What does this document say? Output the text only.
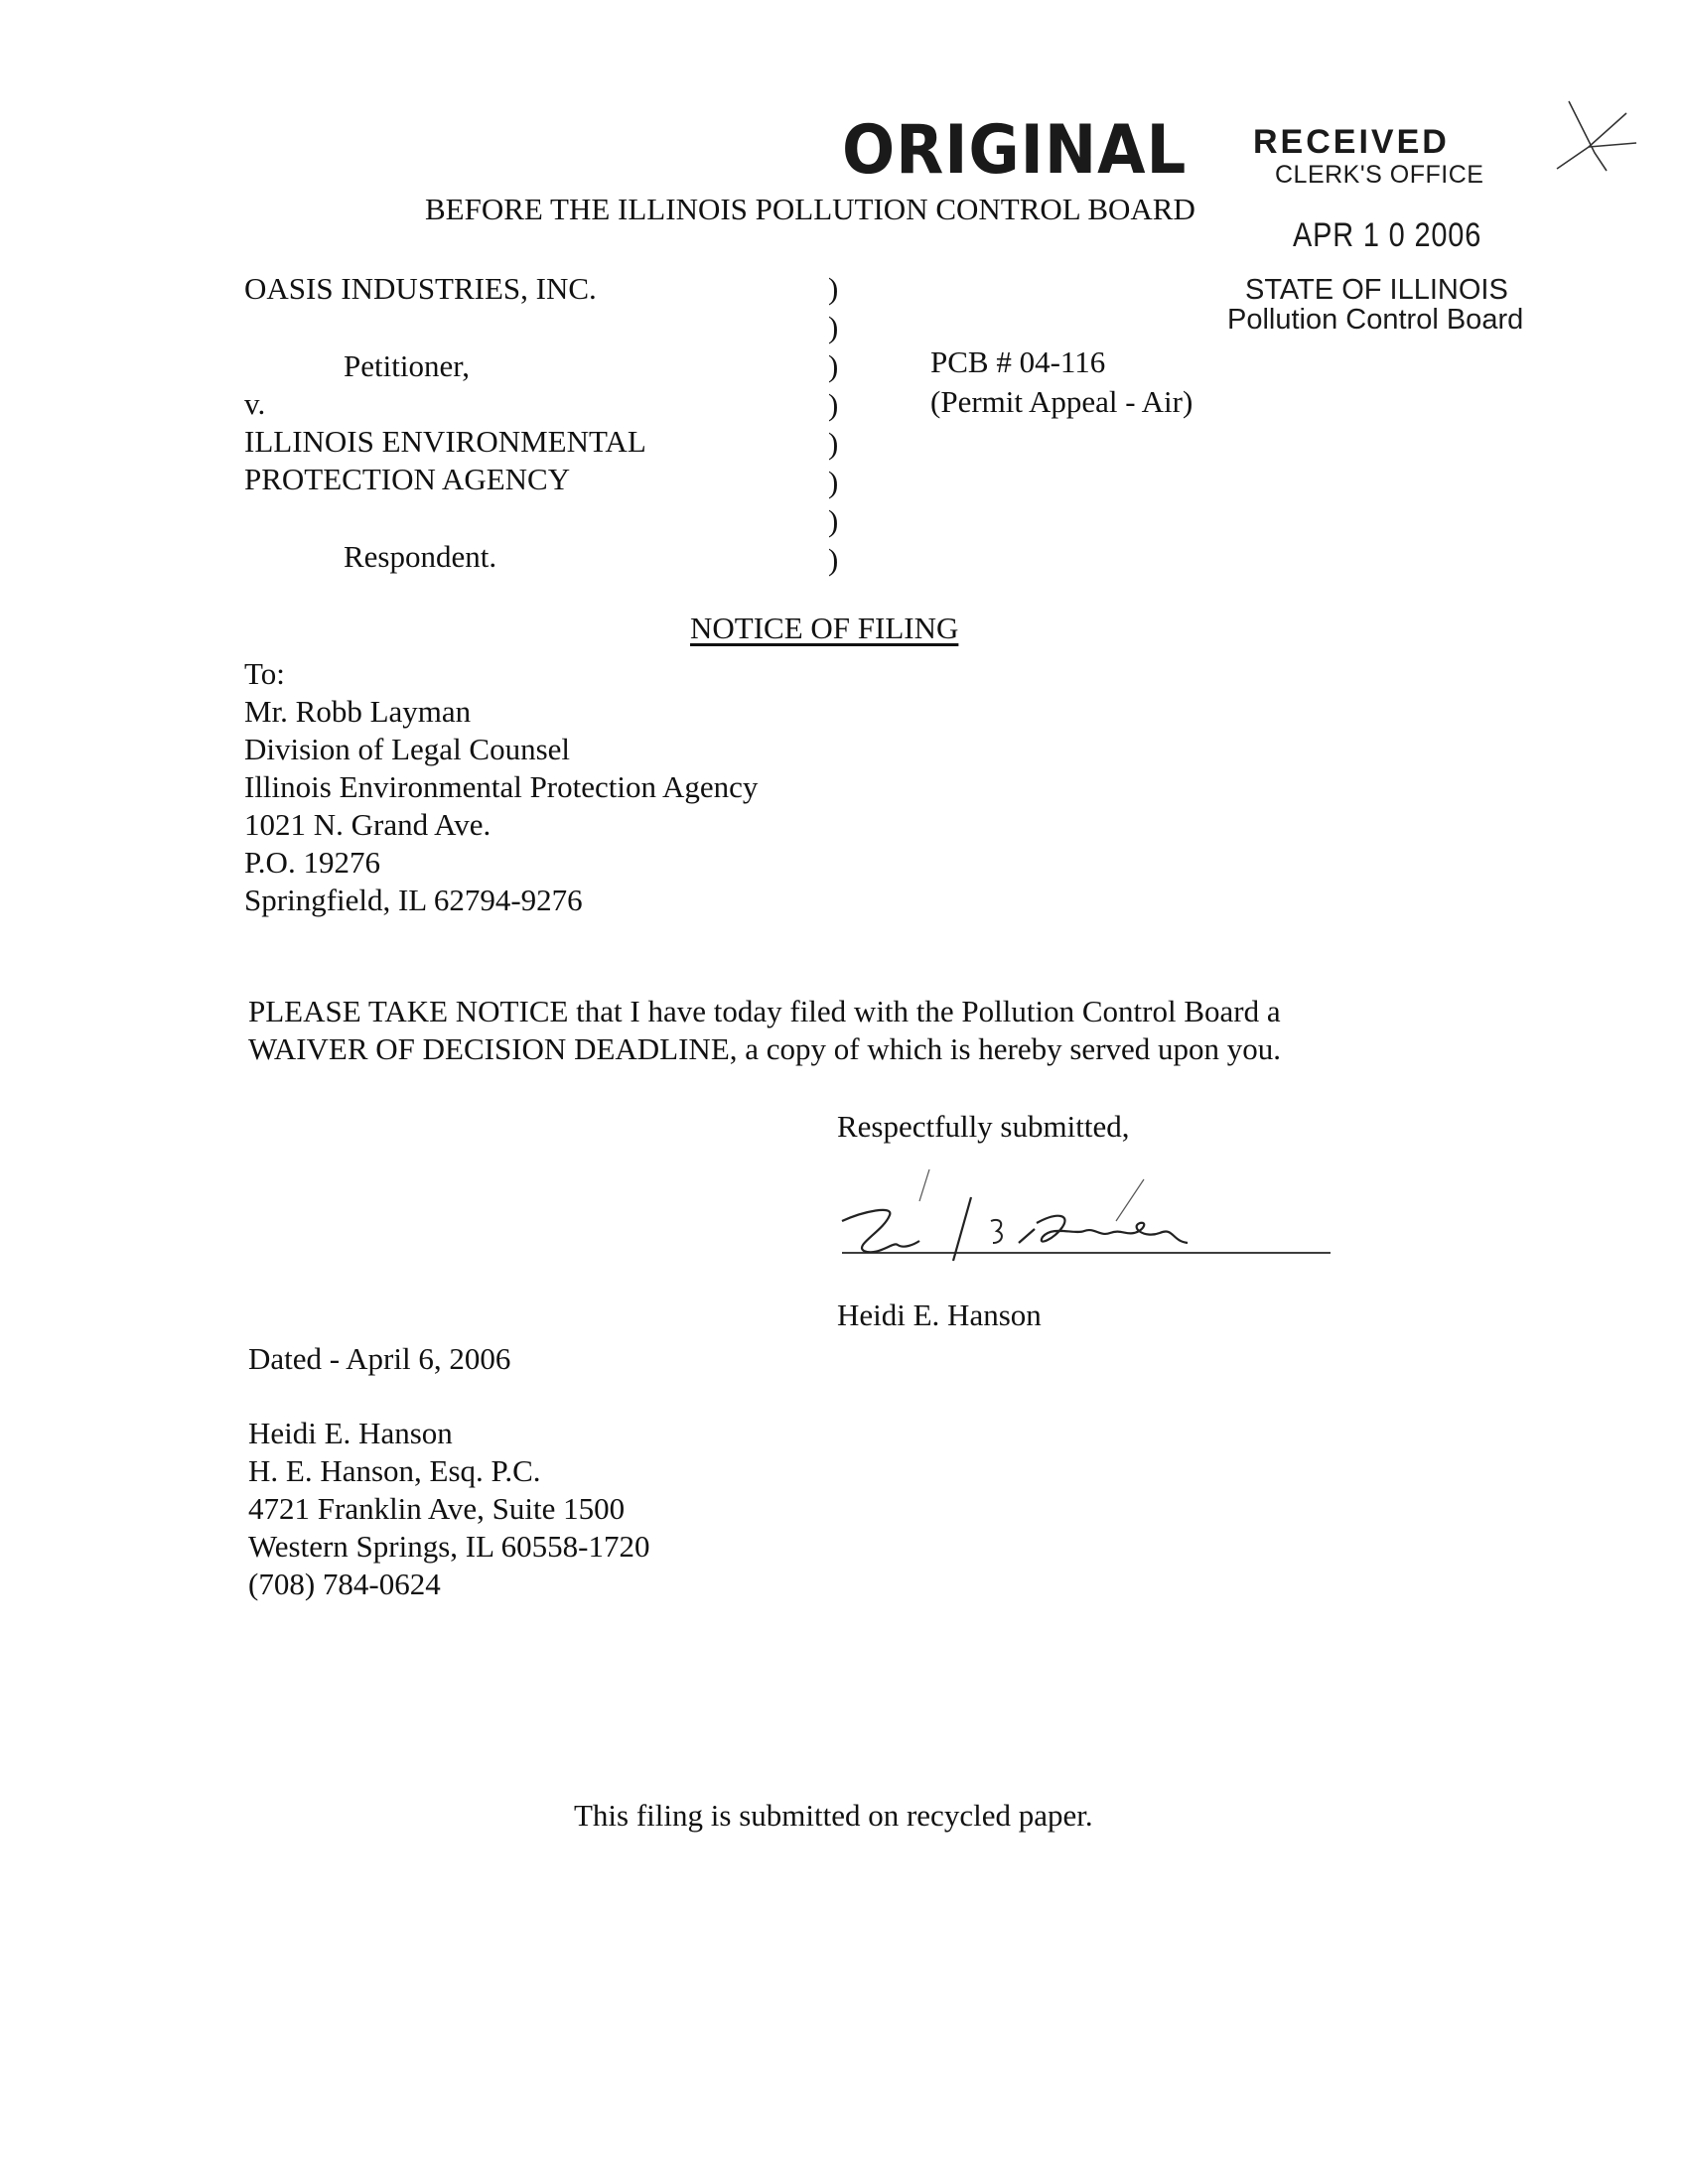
ORIGINAL RECEIVED
CLERK'S OFFICE
APR 1 0 2006
STATE OF ILLINOIS
Pollution Control Board
BEFORE THE ILLINOIS POLLUTION CONTROL BOARD
OASIS INDUSTRIES, INC.
Petitioner,
v.
ILLINOIS ENVIRONMENTAL
PROTECTION AGENCY
Respondent.
)
)
)
)
)
)
)
)
PCB # 04-116
(Permit Appeal - Air)
NOTICE OF FILING
To:
Mr. Robb Layman
Division of Legal Counsel
Illinois Environmental Protection Agency
1021 N. Grand Ave.
P.O. 19276
Springfield, IL 62794-9276
PLEASE TAKE NOTICE that I have today filed with the Pollution Control Board a
WAIVER OF DECISION DEADLINE, a copy of which is hereby served upon you.
Respectfully submitted,
Heidi E. Hanson
Dated - April 6, 2006
Heidi E. Hanson
H. E. Hanson, Esq. P.C.
4721 Franklin Ave, Suite 1500
Western Springs, IL 60558-1720
(708) 784-0624
This filing is submitted on recycled paper.
